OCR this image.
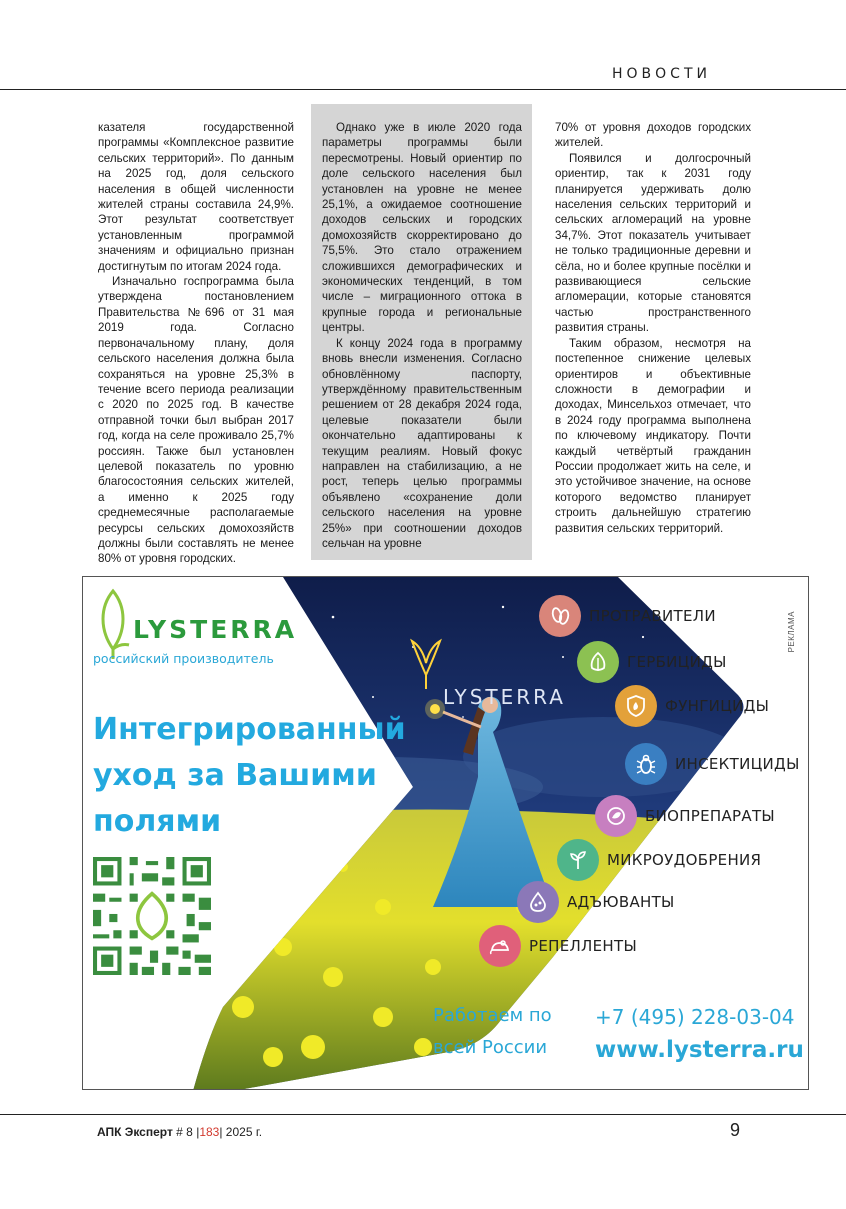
НОВОСТИ

казателя государственной программы «Комплексное развитие сельских территорий». По данным на 2025 год, доля сельского населения в общей численности жителей страны составила 24,9%. Этот результат соответствует установленным программой значениям и официально признан достигнутым по итогам 2024 года.

Изначально госпрограмма была утверждена постановлением Правительства №696 от 31 мая 2019 года. Согласно первоначальному плану, доля сельского населения должна была сохраняться на уровне 25,3% в течение всего периода реализации с 2020 по 2025 год. В качестве отправной точки был выбран 2017 год, когда на селе проживало 25,7% россиян. Также был установлен целевой показатель по уровню благосостояния сельских жителей, а именно к 2025 году среднемесячные располагаемые ресурсы сельских домохозяйств должны были составлять не менее 80% от уровня городских.

Однако уже в июле 2020 года параметры программы были пересмотрены. Новый ориентир по доле сельского населения был установлен на уровне не менее 25,1%, а ожидаемое соотношение доходов сельских и городских домохозяйств скорректировано до 75,5%. Это стало отражением сложившихся демографических и экономических тенденций, в том числе – миграционного оттока в крупные города и региональные центры.

К концу 2024 года в программу вновь внесли изменения. Согласно обновлённому паспорту, утверждённому правительственным решением от 28 декабря 2024 года, целевые показатели были окончательно адаптированы к текущим реалиям. Новый фокус направлен на стабилизацию, а не рост, теперь целью программы объявлено «сохранение доли сельского населения на уровне 25%» при соотношении доходов сельчан на уровне

70% от уровня доходов городских жителей.

Появился и долгосрочный ориентир, так к 2031 году планируется удерживать долю населения сельских территорий и сельских агломераций на уровне 34,7%. Этот показатель учитывает не только традиционные деревни и сёла, но и более крупные посёлки и развивающиеся сельские агломерации, которые становятся частью пространственного развития страны.

Таким образом, несмотря на постепенное снижение целевых ориентиров и объективные сложности в демографии и доходах, Минсельхоз отмечает, что в 2024 году программа выполнена по ключевому индикатору. Почти каждый четвёртый гражданин России продолжает жить на селе, и это устойчивое значение, на основе которого ведомство планирует строить дальнейшую стратегию развития сельских территорий.

LYSTERRA
LYSTERRA
российский производитель
Интегрированный уход за Вашими полями
РЕКЛАМА
ПРОТРАВИТЕЛИ
ГЕРБИЦИДЫ
ФУНГИЦИДЫ
ИНСЕКТИЦИДЫ
БИОПРЕПАРАТЫ
МИКРОУДОБРЕНИЯ
АДЪЮВАНТЫ
РЕПЕЛЛЕНТЫ
Работаем по
всей России
+7 (495) 228-03-04
www.lysterra.ru
АПК Эксперт # 8 |183| 2025 г.	9
